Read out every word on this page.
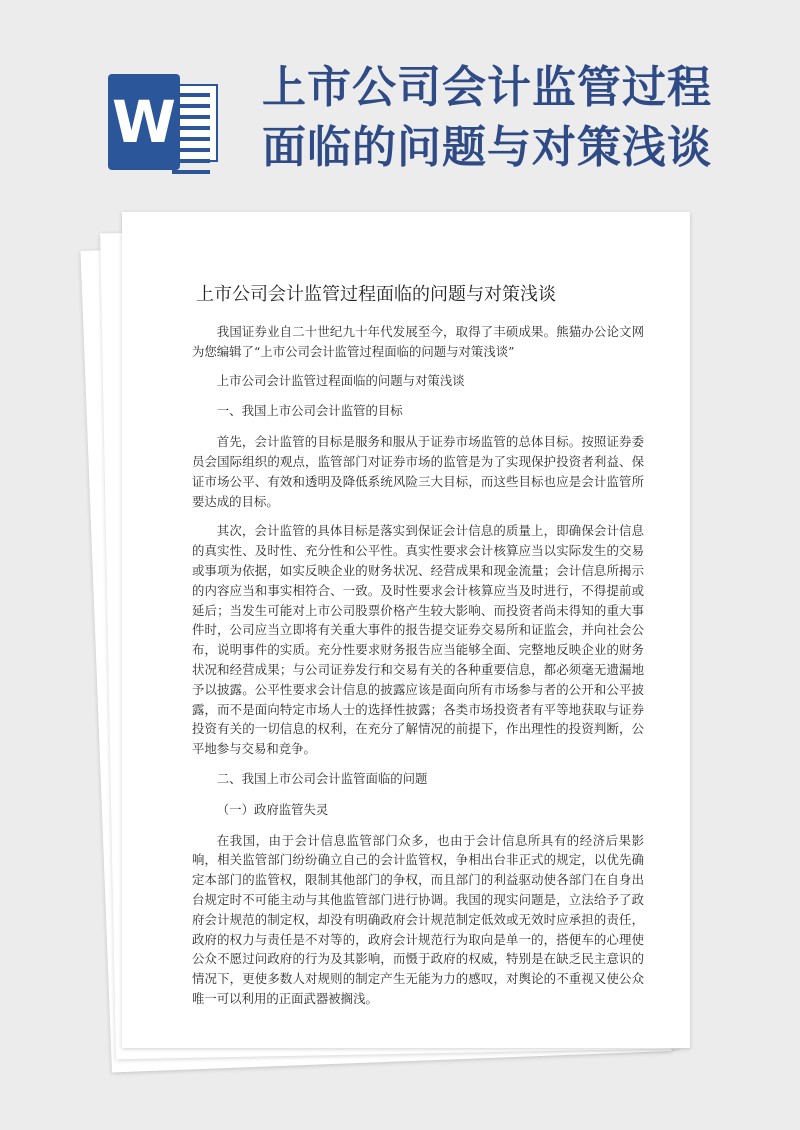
W
上市公司会计监管过程
面临的问题与对策浅谈
上市公司会计监管过程面临的问题与对策浅谈

我国证券业自二十世纪九十年代发展至今，取得了丰硕成果。熊猫办公论文网为您编辑了“上市公司会计监管过程面临的问题与对策浅谈”

上市公司会计监管过程面临的问题与对策浅谈

一、我国上市公司会计监管的目标

首先，会计监管的目标是服务和服从于证券市场监管的总体目标。按照证券委员会国际组织的观点，监管部门对证券市场的监管是为了实现保护投资者利益、保证市场公平、有效和透明及降低系统风险三大目标，而这些目标也应是会计监管所要达成的目标。

其次，会计监管的具体目标是落实到保证会计信息的质量上，即确保会计信息的真实性、及时性、充分性和公平性。真实性要求会计核算应当以实际发生的交易或事项为依据，如实反映企业的财务状况、经营成果和现金流量；会计信息所揭示的内容应当和事实相符合、一致。及时性要求会计核算应当及时进行，不得提前或延后；当发生可能对上市公司股票价格产生较大影响、而投资者尚未得知的重大事件时，公司应当立即将有关重大事件的报告提交证券交易所和证监会，并向社会公布，说明事件的实质。充分性要求财务报告应当能够全面、完整地反映企业的财务状况和经营成果；与公司证券发行和交易有关的各种重要信息，都必须毫无遗漏地予以披露。公平性要求会计信息的披露应该是面向所有市场参与者的公开和公平披露，而不是面向特定市场人士的选择性披露；各类市场投资者有平等地获取与证券投资有关的一切信息的权利，在充分了解情况的前提下，作出理性的投资判断，公平地参与交易和竞争。

二、我国上市公司会计监管面临的问题

（一）政府监管失灵

在我国，由于会计信息监管部门众多，也由于会计信息所具有的经济后果影响，相关监管部门纷纷确立自己的会计监管权，争相出台非正式的规定，以优先确定本部门的监管权，限制其他部门的争权，而且部门的利益驱动使各部门在自身出台规定时不可能主动与其他监管部门进行协调。我国的现实问题是，立法给予了政府会计规范的制定权，却没有明确政府会计规范制定低效或无效时应承担的责任，政府的权力与责任是不对等的，政府会计规范行为取向是单一的，搭便车的心理使公众不愿过问政府的行为及其影响，而慑于政府的权威，特别是在缺乏民主意识的情况下，更使多数人对规则的制定产生无能为力的感叹，对舆论的不重视又使公众唯一可以利用的正面武器被搁浅。
